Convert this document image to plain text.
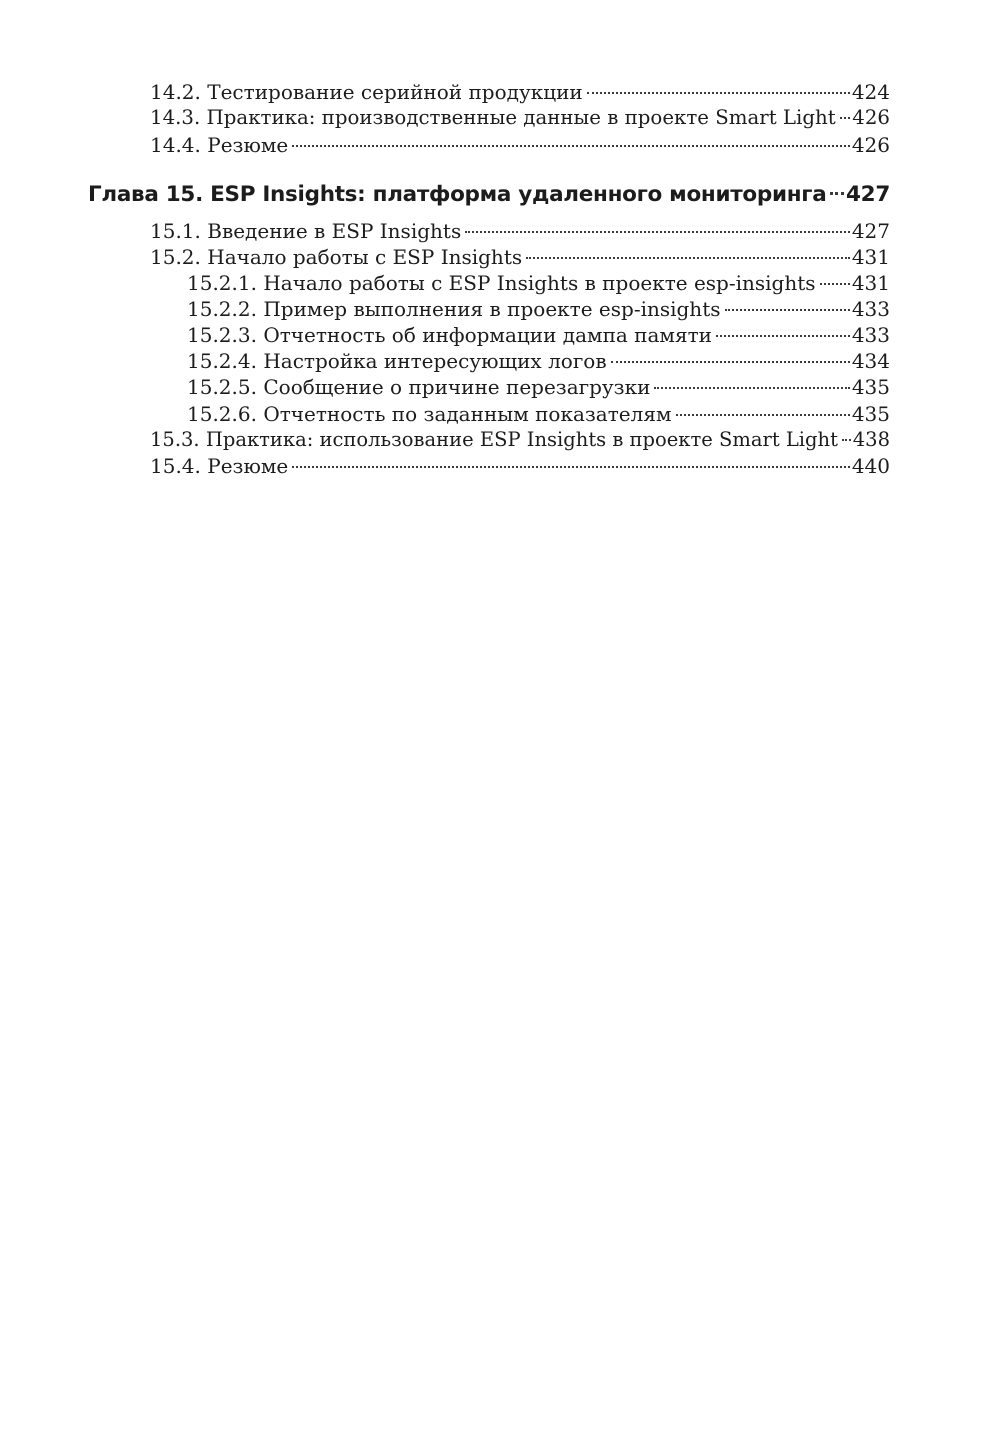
14.2. Тестирование серийной продукции	424
14.3. Практика: производственные данные в проекте Smart Light 426
14.4. Резюме	426
Глава 15. ESP Insights: платформа удаленного мониторинга 427
15.1. Введение в ESP Insights	427
15.2. Начало работы с ESP Insights	431
15.2.1. Начало работы с ESP Insights в проекте esp-insights 431
15.2.2. Пример выполнения в проекте esp-insights	433
15.2.3. Отчетность об информации дампа памяти	433
15.2.4. Настройка интересующих логов	434
15.2.5. Сообщение о причине перезагрузки	435
15.2.6. Отчетность по заданным показателям	435
15.3. Практика: использование ESP Insights в проекте Smart Light 438
15.4. Резюме	440
